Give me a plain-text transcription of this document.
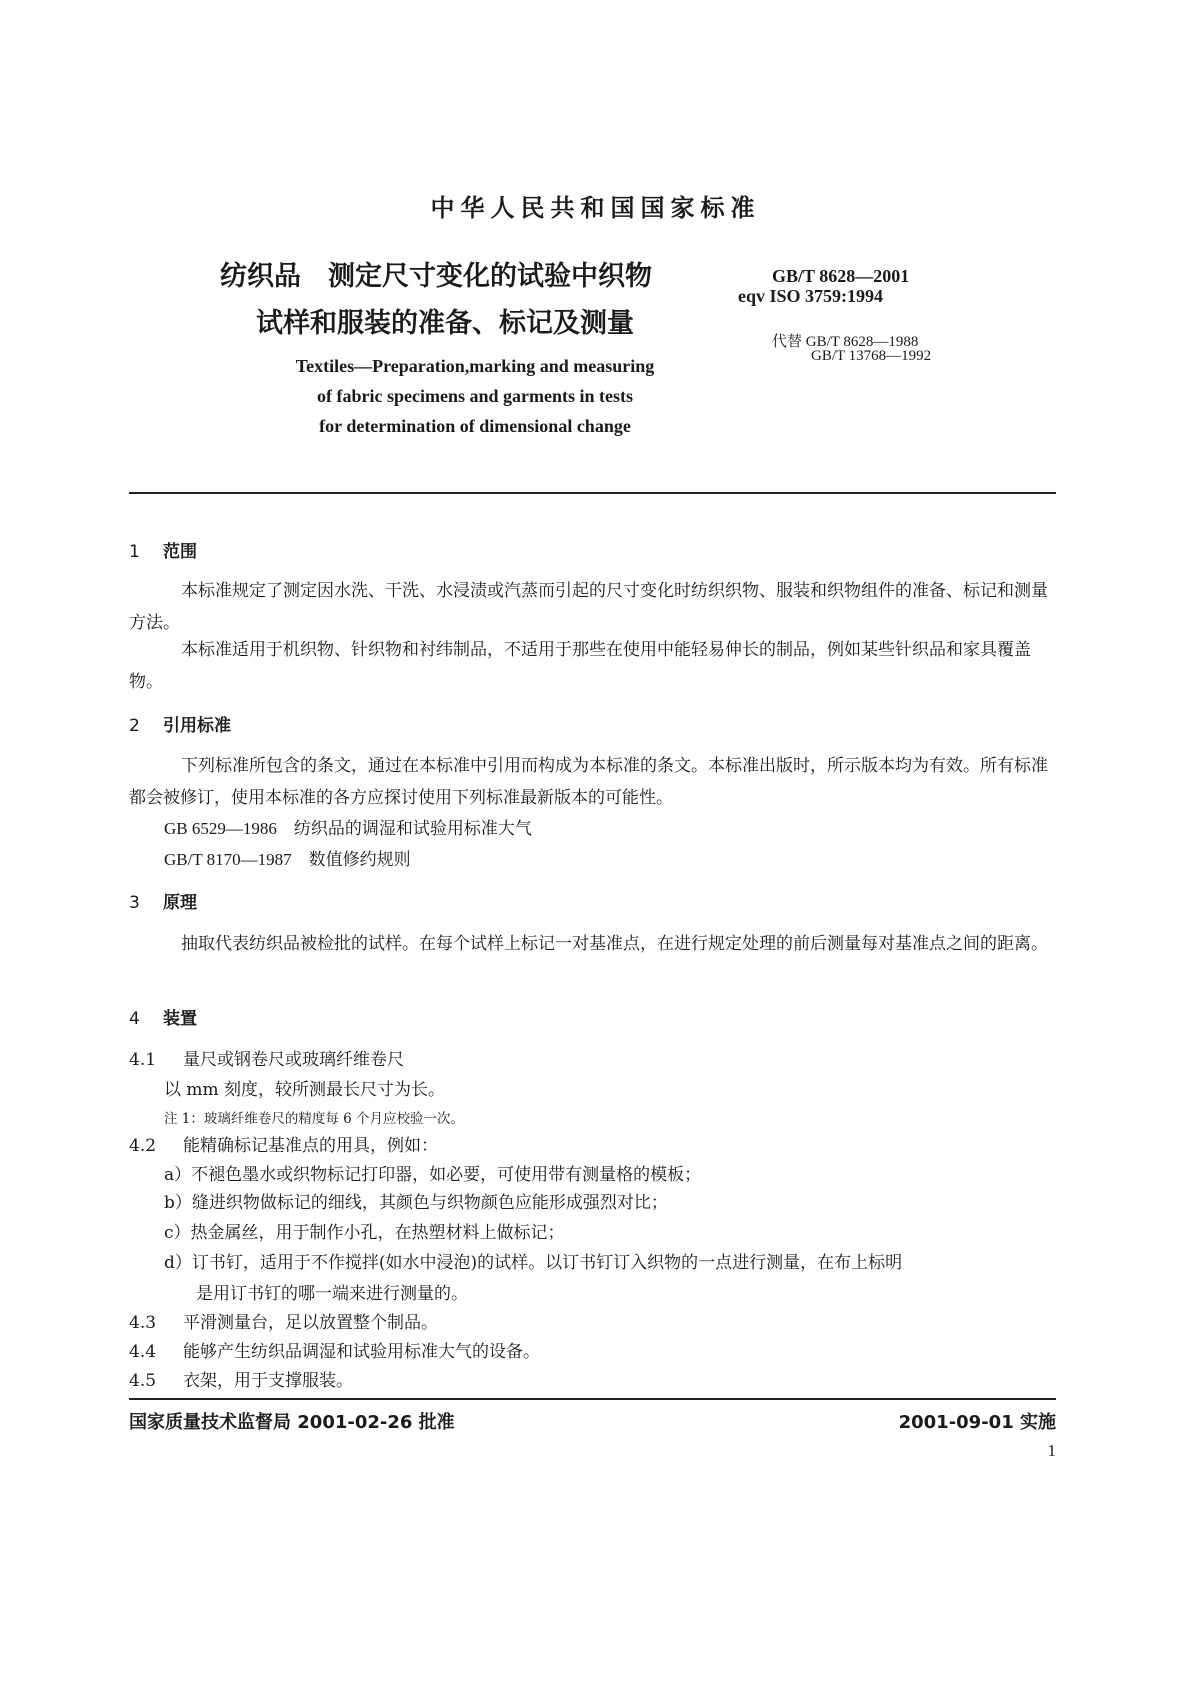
中华人民共和国国家标准
纺织品　测定尺寸变化的试验中织物
试样和服装的准备、标记及测量
GB/T 8628—2001
eqv ISO 3759:1994
代替 GB/T 8628—1988
GB/T 13768—1992
Textiles—Preparation,marking and measuring
of fabric specimens and garments in tests
for determination of dimensional change
1 范围
本标准规定了测定因水洗、干洗、水浸渍或汽蒸而引起的尺寸变化时纺织织物、服装和织物组件的准备、标记和测量方法。
本标准适用于机织物、针织物和衬纬制品，不适用于那些在使用中能轻易伸长的制品，例如某些针织品和家具覆盖物。
2 引用标准
下列标准所包含的条文，通过在本标准中引用而构成为本标准的条文。本标准出版时，所示版本均为有效。所有标准都会被修订，使用本标准的各方应探讨使用下列标准最新版本的可能性。
GB 6529—1986  纺织品的调湿和试验用标准大气
GB/T 8170—1987  数值修约规则
3 原理
抽取代表纺织品被检批的试样。在每个试样上标记一对基准点，在进行规定处理的前后测量每对基准点之间的距离。
4 装置
4.1 量尺或钢卷尺或玻璃纤维卷尺
以 mm 刻度，较所测最长尺寸为长。
注 1：玻璃纤维卷尺的精度每 6 个月应校验一次。
4.2 能精确标记基准点的用具，例如：
a）不褪色墨水或织物标记打印器，如必要，可使用带有测量格的模板；
b）缝进织物做标记的细线，其颜色与织物颜色应能形成强烈对比；
c）热金属丝，用于制作小孔，在热塑材料上做标记；
d）订书钉，适用于不作搅拌(如水中浸泡)的试样。以订书钉订入织物的一点进行测量，在布上标明
是用订书钉的哪一端来进行测量的。
4.3 平滑测量台，足以放置整个制品。
4.4 能够产生纺织品调湿和试验用标准大气的设备。
4.5 衣架，用于支撑服装。
国家质量技术监督局 2001-02-26 批准	2001-09-01 实施
1
